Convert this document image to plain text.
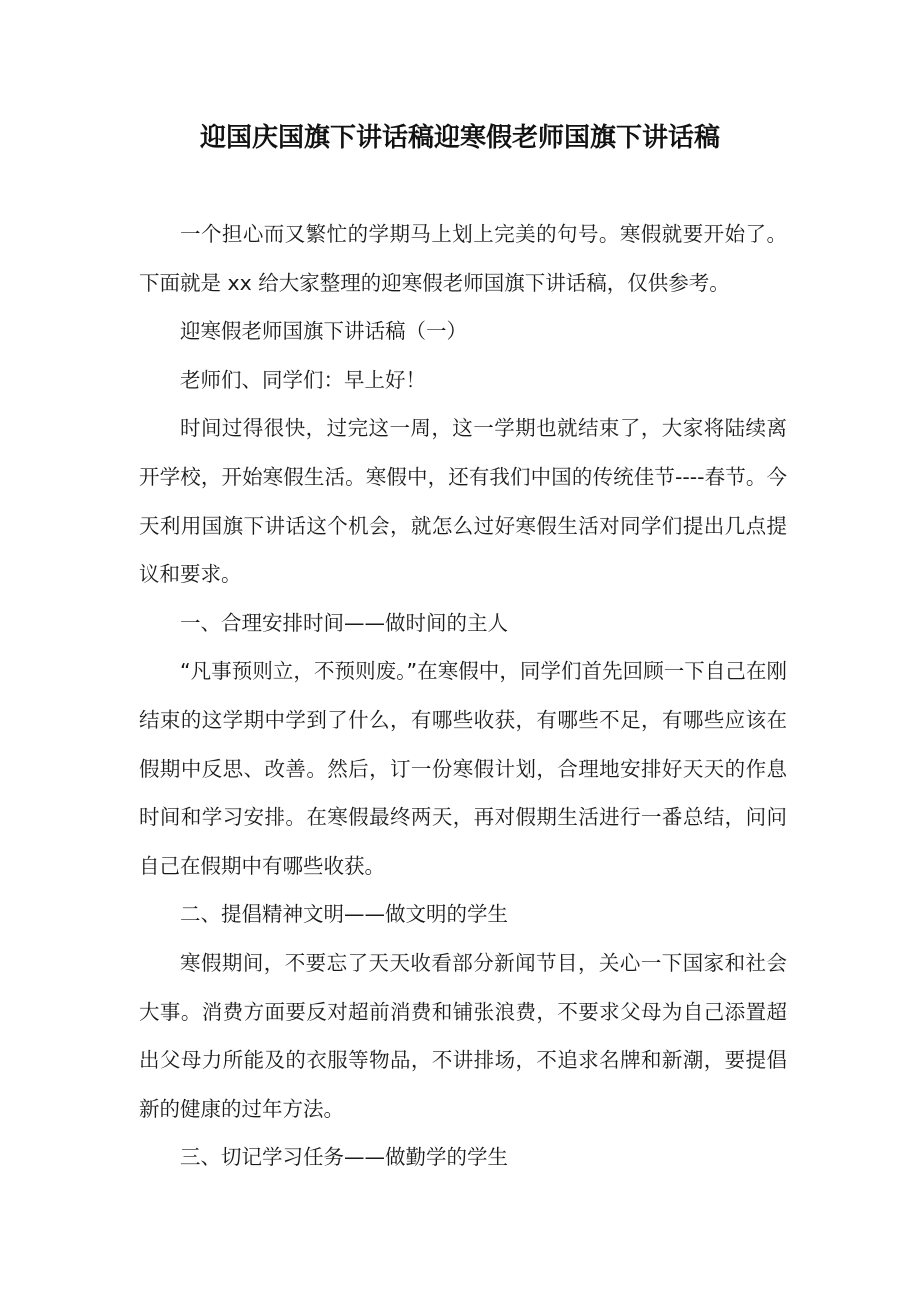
迎国庆国旗下讲话稿迎寒假老师国旗下讲话稿

一个担心而又繁忙的学期马上划上完美的句号。寒假就要开始了。下面就是 xx 给大家整理的迎寒假老师国旗下讲话稿，仅供参考。

迎寒假老师国旗下讲话稿（一）

老师们、同学们：早上好！

时间过得很快，过完这一周，这一学期也就结束了，大家将陆续离开学校，开始寒假生活。寒假中，还有我们中国的传统佳节----春节。今天利用国旗下讲话这个机会，就怎么过好寒假生活对同学们提出几点提议和要求。

一、合理安排时间——做时间的主人

“凡事预则立，不预则废。”在寒假中，同学们首先回顾一下自己在刚结束的这学期中学到了什么，有哪些收获，有哪些不足，有哪些应该在假期中反思、改善。然后，订一份寒假计划，合理地安排好天天的作息时间和学习安排。在寒假最终两天，再对假期生活进行一番总结，问问自己在假期中有哪些收获。

二、提倡精神文明——做文明的学生

寒假期间，不要忘了天天收看部分新闻节目，关心一下国家和社会大事。消费方面要反对超前消费和铺张浪费，不要求父母为自己添置超出父母力所能及的衣服等物品，不讲排场，不追求名牌和新潮，要提倡新的健康的过年方法。

三、切记学习任务——做勤学的学生
